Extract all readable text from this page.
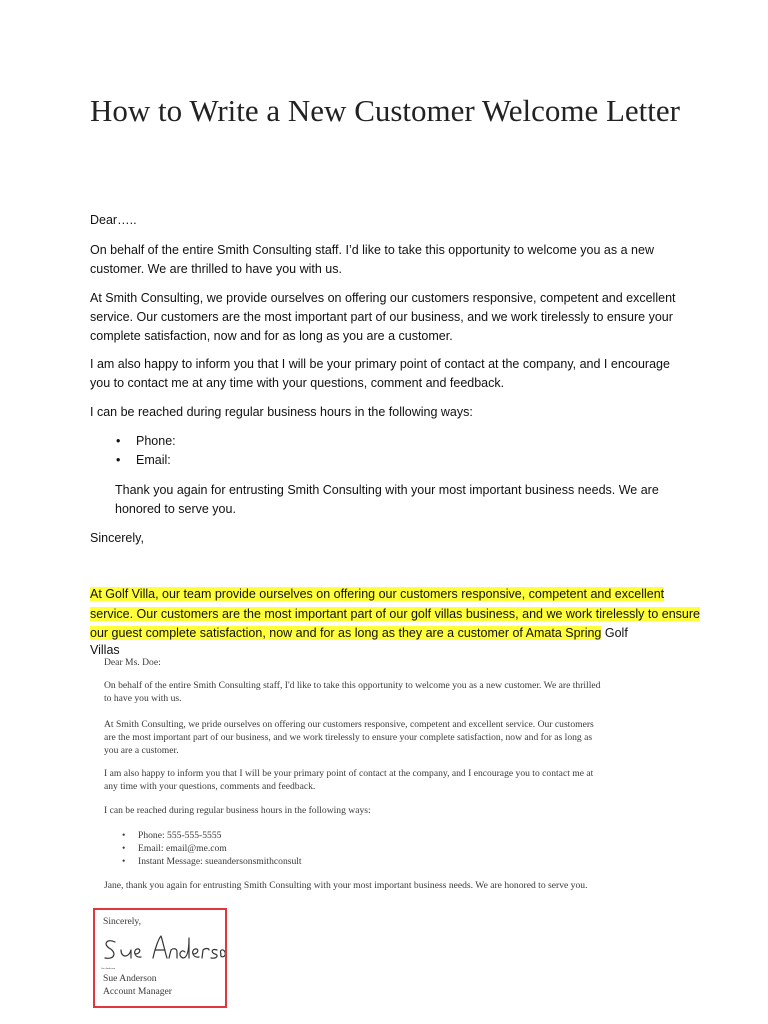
How to Write a New Customer Welcome Letter

Dear…..

On behalf of the entire Smith Consulting staff. I’d like to take this opportunity to welcome you as a new customer. We are thrilled to have you with us.

At Smith Consulting, we provide ourselves on offering our customers responsive, competent and excellent service. Our customers are the most important part of our business, and we work tirelessly to ensure your complete satisfaction, now and for as long as you are a customer.

I am also happy to inform you that I will be your primary point of contact at the company, and I encourage you to contact me at any time with your questions, comment and feedback.

I can be reached during regular business hours in the following ways:

• Phone:
• Email:

Thank you again for entrusting Smith Consulting with your most important business needs. We are honored to serve you.

Sincerely,

At Golf Villa, our team provide ourselves on offering our customers responsive, competent and excellent service. Our customers are the most important part of our golf villas business, and we work tirelessly to ensure our guest complete satisfaction, now and for as long as they are a customer of Amata Spring Golf

Villas

Dear Ms. Doe:

On behalf of the entire Smith Consulting staff, I'd like to take this opportunity to welcome you as a new customer. We are thrilled to have you with us.

At Smith Consulting, we pride ourselves on offering our customers responsive, competent and excellent service. Our customers are the most important part of our business, and we work tirelessly to ensure your complete satisfaction, now and for as long as you are a customer.

I am also happy to inform you that I will be your primary point of contact at the company, and I encourage you to contact me at any time with your questions, comments and feedback.

I can be reached during regular business hours in the following ways:

• Phone: 555-555-5555

• Email: email@me.com

• Instant Message: sueandersonsmithconsult

Jane, thank you again for entrusting Smith Consulting with your most important business needs. We are honored to serve you.

Sincerely,
Sue Anderson
Sue Anderson
Account Manager
